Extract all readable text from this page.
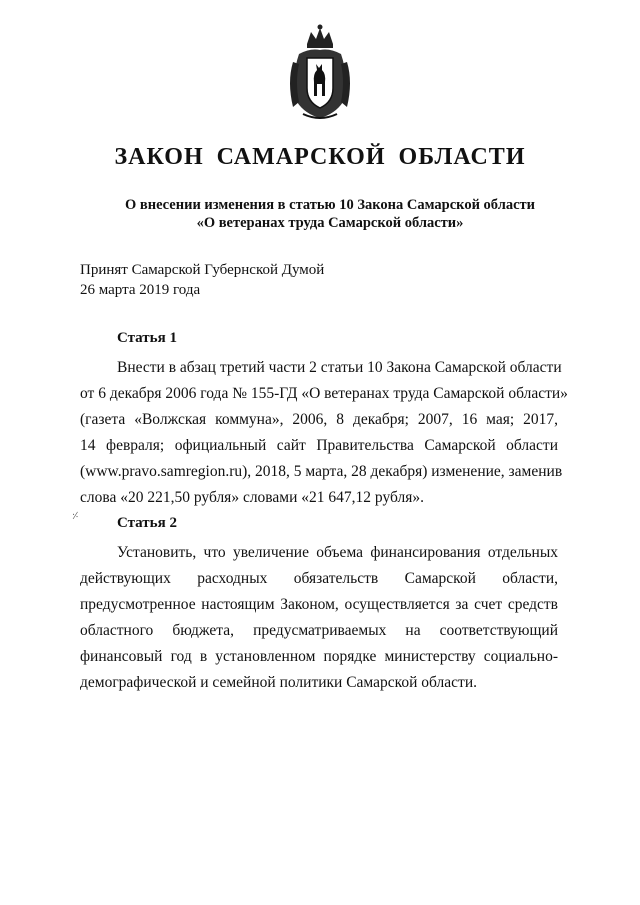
ЗАКОН САМАРСКОЙ ОБЛАСТИ
О внесении изменения в статью 10 Закона Самарской области
«О ветеранах труда Самарской области»
Принят Самарской Губернской Думой
26 марта 2019 года
Статья 1
Внести в абзац третий части 2 статьи 10 Закона Самарской области
от 6 декабря 2006 года № 155-ГД «О ветеранах труда Самарской области»
(газета «Волжская коммуна», 2006, 8 декабря; 2007, 16 мая; 2017,
14 февраля; официальный сайт Правительства Самарской области
(www.pravo.samregion.ru), 2018, 5 марта, 28 декабря) изменение, заменив
слова «20 221,50 рубля» словами «21 647,12 рубля».
⸓	Статья 2
Установить, что увеличение объема финансирования отдельных
действующих расходных обязательств Самарской области,
предусмотренное настоящим Законом, осуществляется за счет средств
областного бюджета, предусматриваемых на соответствующий
финансовый год в установленном порядке министерству социально-
демографической и семейной политики Самарской области.
